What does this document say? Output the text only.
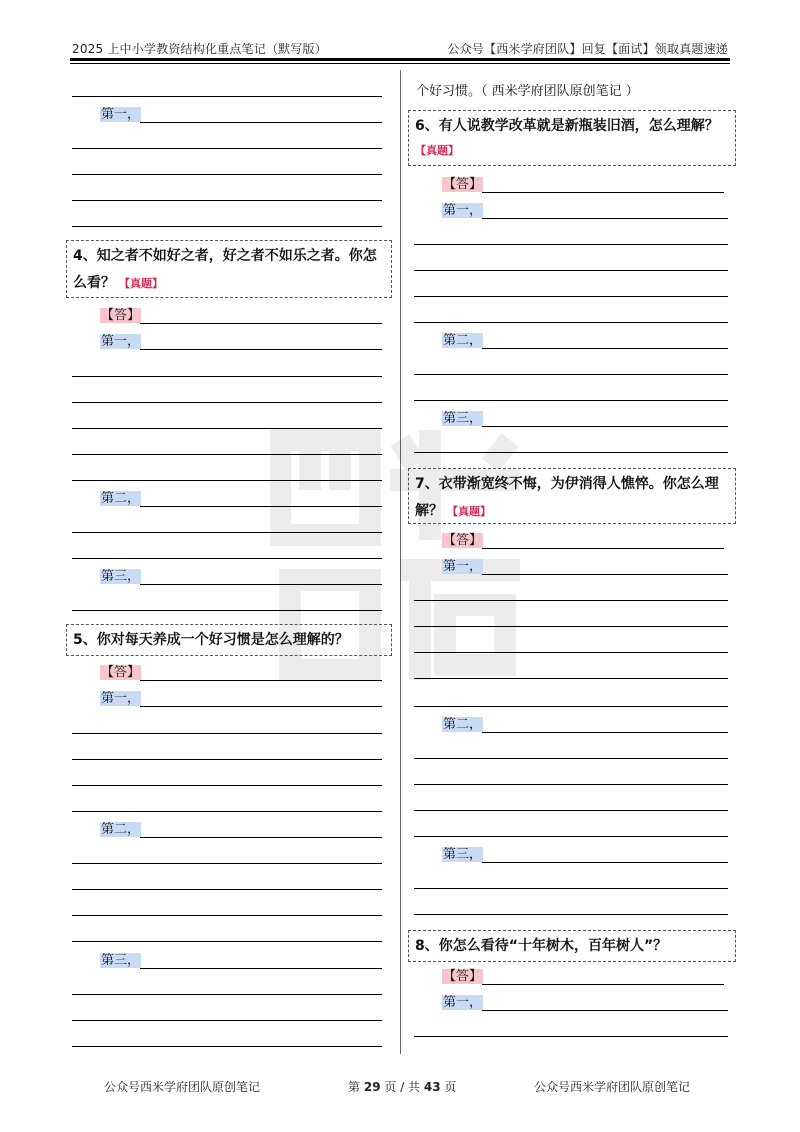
2025 上中小学教资结构化重点笔记（默写版）	公众号【西米学府团队】回复【面试】领取真题速递
第一，
4、知之者不如好之者，好之者不如乐之者。你怎么看？ 【真题】
【答】
第一，
第二，
第三，
5、你对每天养成一个好习惯是怎么理解的？
【答】
第一，
第二，
第三，
个好习惯。（ 西米学府团队原创笔记 ）
6、有人说教学改革就是新瓶装旧酒，怎么理解？
【真题】
【答】
第一，
第二，
第三，
7、衣带渐宽终不悔，为伊消得人憔悴。你怎么理解？ 【真题】
【答】
第一，
第二，
第三，
8、你怎么看待“十年树木，百年树人”？
【答】
第一，
公众号西米学府团队原创笔记	第 29 页 / 共 43 页	公众号西米学府团队原创笔记
